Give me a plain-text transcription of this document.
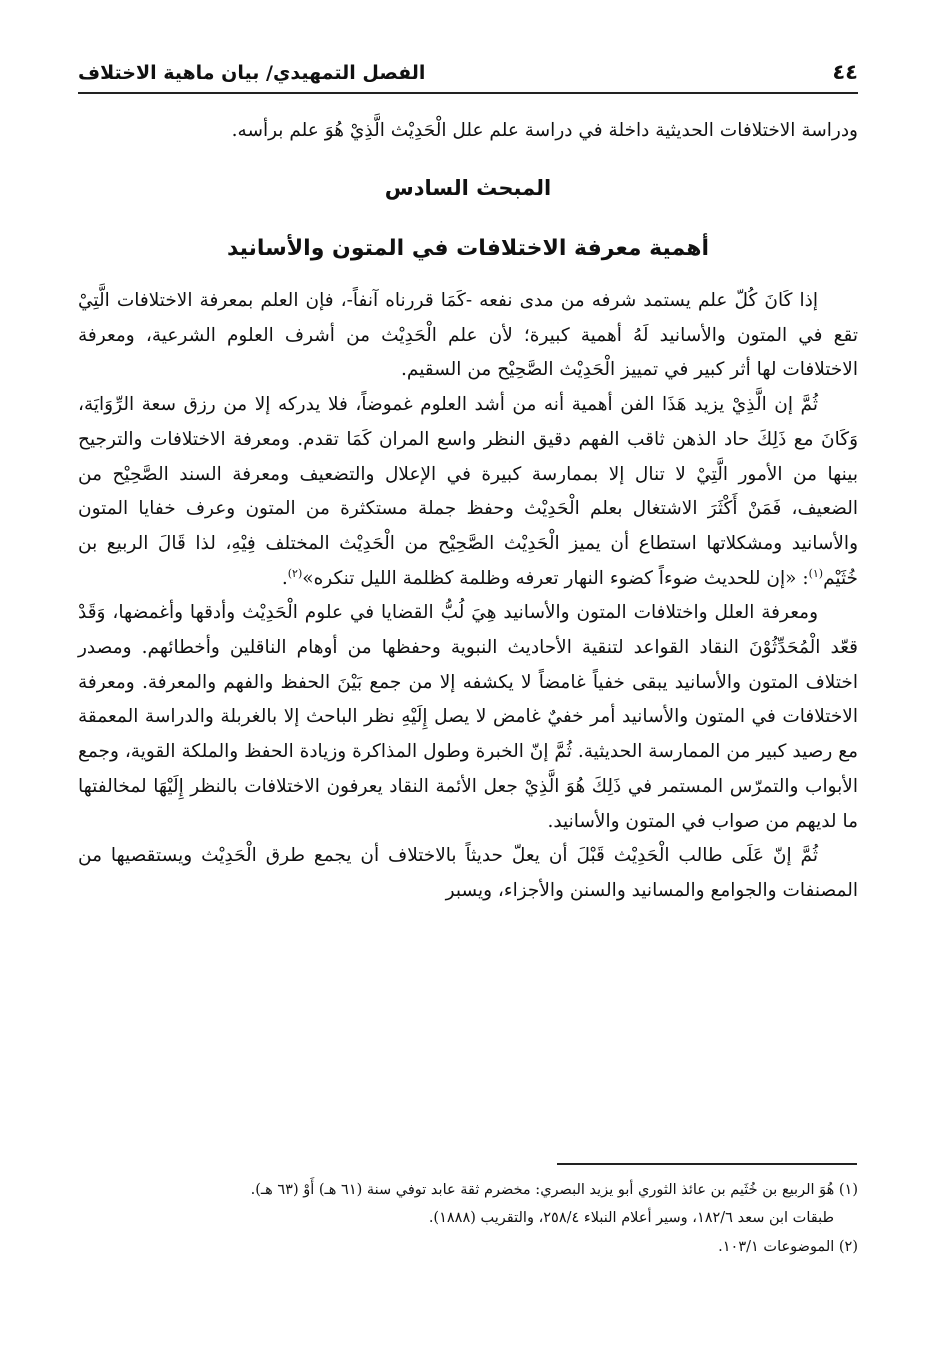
٤٤
الفصل التمهيدي/ بيان ماهية الاختلاف

ودراسة الاختلافات الحديثية داخلة في دراسة علم علل الْحَدِيْث الَّذِيْ هُوَ علم برأسه.

المبحث السادس
أهمية معرفة الاختلافات في المتون والأسانيد

إذا كَانَ كُلّ علم يستمد شرفه من مدى نفعه -كَمَا قررناه آنفاً-، فإن العلم بمعرفة الاختلافات الَّتِيْ تقع في المتون والأسانيد لَهُ أهمية كبيرة؛ لأن علم الْحَدِيْث من أشرف العلوم الشرعية، ومعرفة الاختلافات لها أثر كبير في تمييز الْحَدِيْث الصَّحِيْح من السقيم.

ثُمَّ إن الَّذِيْ يزيد هَذَا الفن أهمية أنه من أشد العلوم غموضاً، فلا يدركه إلا من رزق سعة الرِّوَايَة، وَكَانَ مع ذَلِكَ حاد الذهن ثاقب الفهم دقيق النظر واسع المران كَمَا تقدم. ومعرفة الاختلافات والترجيح بينها من الأمور الَّتِيْ لا تنال إلا بممارسة كبيرة في الإعلال والتضعيف ومعرفة السند الصَّحِيْح من الضعيف، فَمَنْ أَكْثَرَ الاشتغال بعلم الْحَدِيْث وحفظ جملة مستكثرة من المتون وعرف خفايا المتون والأسانيد ومشكلاتها استطاع أن يميز الْحَدِيْث الصَّحِيْح من الْحَدِيْث المختلف فِيْهِ، لذا قَالَ الربيع بن خُثَيْم$^{(١)}$: «إن للحديث ضوءاً كضوء النهار تعرفه وظلمة كظلمة الليل تنكره»$^{(٢)}$.

ومعرفة العلل واختلافات المتون والأسانيد هِيَ لُبُّ القضايا في علوم الْحَدِيْث وأدقها وأغمضها، وَقَدْ قعّد الْمُحَدِّثُوْنَ النقاد القواعد لتنقية الأحاديث النبوية وحفظها من أوهام الناقلين وأخطائهم. ومصدر اختلاف المتون والأسانيد يبقى خفياً غامضاً لا يكشفه إلا من جمع بَيْنَ الحفظ والفهم والمعرفة. ومعرفة الاختلافات في المتون والأسانيد أمر خفيٌ غامض لا يصل إِلَيْهِ نظر الباحث إلا بالغربلة والدراسة المعمقة مع رصيد كبير من الممارسة الحديثية. ثُمَّ إنّ الخبرة وطول المذاكرة وزيادة الحفظ والملكة القوية، وجمع الأبواب والتمرّس المستمر في ذَلِكَ هُوَ الَّذِيْ جعل الأئمة النقاد يعرفون الاختلافات بالنظر إِلَيْهَا لمخالفتها ما لديهم من صواب في المتون والأسانيد.

ثُمَّ إنّ عَلَى طالب الْحَدِيْث قَبْلَ أن يعلّ حديثاً بالاختلاف أن يجمع طرق الْحَدِيْث ويستقصيها من المصنفات والجوامع والمسانيد والسنن والأجزاء، ويسبر

(١) هُوَ الربيع بن خُثَيم بن عائذ الثوري أبو يزيد البصري: مخضرم ثقة عابد توفي سنة (٦١ هـ) أَوْ (٦٣ هـ).

طبقات ابن سعد ١٨٢/٦، وسير أعلام النبلاء ٢٥٨/٤، والتقريب (١٨٨٨).

(٢) الموضوعات ١٠٣/١.
